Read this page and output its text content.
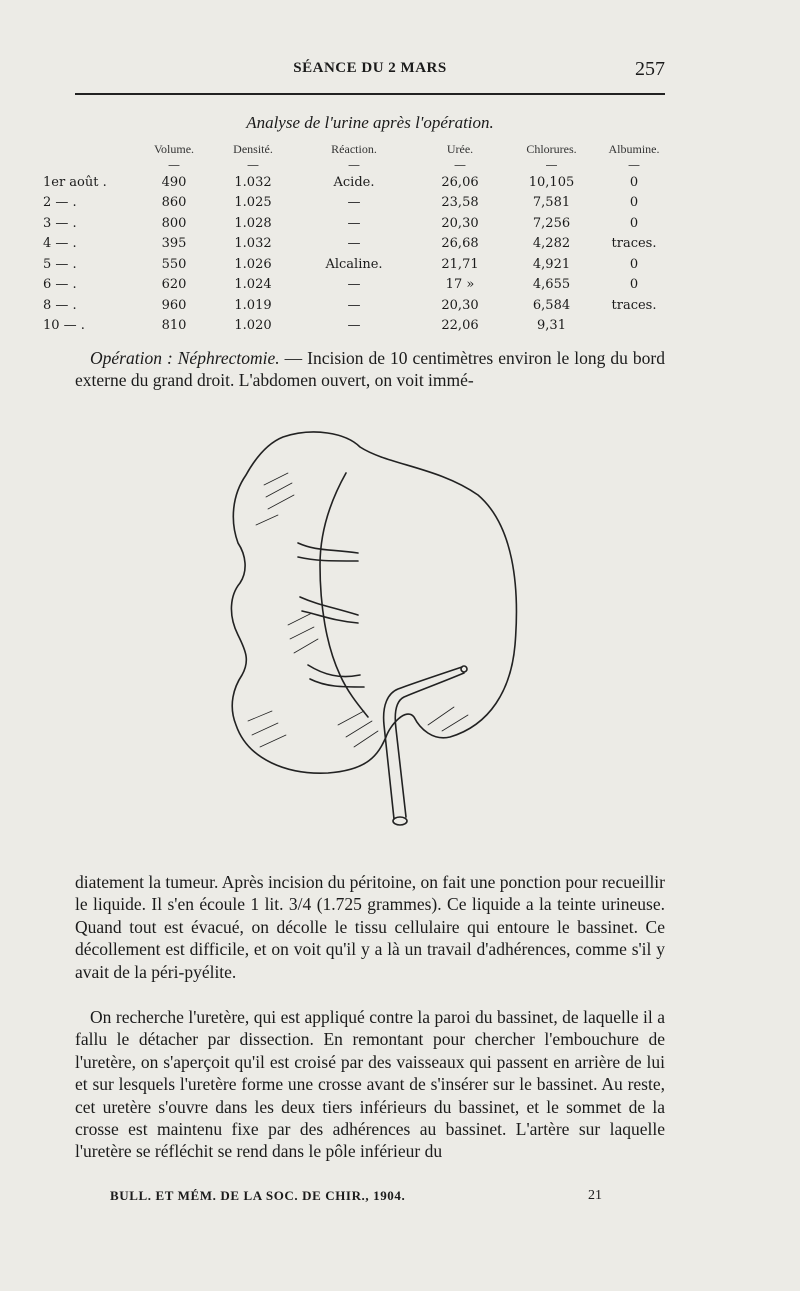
SÉANCE DU 2 MARS	257
Analyse de l'urine après l'opération.
	Volume.	Densité.	Réaction.	Urée.	Chlorures.	Albumine.
	—	—	—	—	—	—
1er août .	490	1.032	Acide.	26,06	10,105	0
2 — .	860	1.025	—	23,58	7,581	0
3 — .	800	1.028	—	20,30	7,256	0
4 — .	395	1.032	—	26,68	4,282	traces.
5 — .	550	1.026	Alcaline.	21,71	4,921	0
6 — .	620	1.024	—	17 »	4,655	0
8 — .	960	1.019	—	20,30	6,584	traces.
10 — .	810	1.020	—	22,06	9,31	

Opération : Néphrectomie. — Incision de 10 centimètres environ le long du bord externe du grand droit. L'abdomen ouvert, on voit immé-

diatement la tumeur. Après incision du péritoine, on fait une ponction pour recueillir le liquide. Il s'en écoule 1 lit. 3/4 (1.725 grammes). Ce liquide a la teinte urineuse. Quand tout est évacué, on décolle le tissu cellulaire qui entoure le bassinet. Ce décollement est difficile, et on voit qu'il y a là un travail d'adhérences, comme s'il y avait de la péri-pyélite.

On recherche l'uretère, qui est appliqué contre la paroi du bassinet, de laquelle il a fallu le détacher par dissection. En remontant pour chercher l'embouchure de l'uretère, on s'aperçoit qu'il est croisé par des vaisseaux qui passent en arrière de lui et sur lesquels l'uretère forme une crosse avant de s'insérer sur le bassinet. Au reste, cet uretère s'ouvre dans les deux tiers inférieurs du bassinet, et le sommet de la crosse est maintenu fixe par des adhérences au bassinet. L'artère sur laquelle l'uretère se réfléchit se rend dans le pôle inférieur du

BULL. ET MÉM. DE LA SOC. DE CHIR., 1904.	21
